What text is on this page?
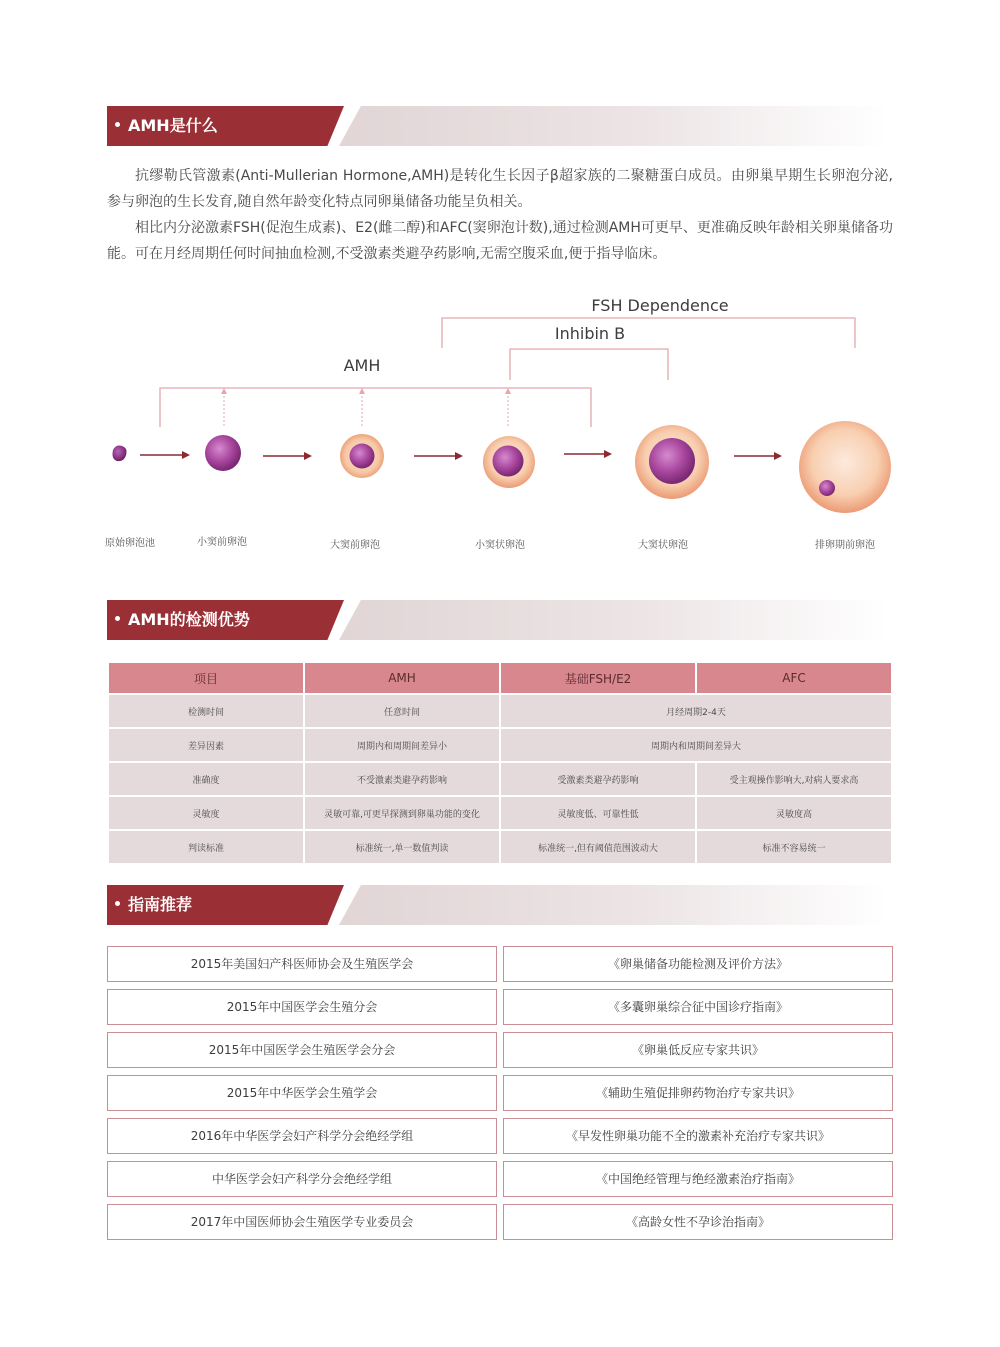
AMH是什么

抗缪勒氏管激素(Anti-Mullerian Hormone,AMH)是转化生长因子β超家族的二聚糖蛋白成员。由卵巢早期生长卵泡分泌,参与卵泡的生长发育,随自然年龄变化特点同卵巢储备功能呈负相关。

相比内分泌激素FSH(促泡生成素)、E2(雌二醇)和AFC(窦卵泡计数),通过检测AMH可更早、更准确反映年龄相关卵巢储备功能。可在月经周期任何时间抽血检测,不受激素类避孕药影响,无需空腹采血,便于指导临床。

FSH Dependence
Inhibin B
AMH
原始卵泡池	小窦前卵泡	大窦前卵泡	小窦状卵泡	大窦状卵泡	排卵期前卵泡
AMH的检测优势
项目	AMH	基础FSH/E2	AFC
检测时间	任意时间	月经周期2-4天	
差异因素	周期内和周期间差异小	周期内和周期间差异大	
准确度	不受激素类避孕药影响	受激素类避孕药影响	受主观操作影响大,对病人要求高
灵敏度	灵敏可靠,可更早探测到卵巢功能的变化	灵敏度低、可靠性低	灵敏度高
判读标准	标准统一,单一数值判读	标准统一,但有阈值范围波动大	标准不容易统一
指南推荐
2015年美国妇产科医师协会及生殖医学会	《卵巢储备功能检测及评价方法》
2015年中国医学会生殖分会	《多囊卵巢综合征中国诊疗指南》
2015年中国医学会生殖医学会分会	《卵巢低反应专家共识》
2015年中华医学会生殖学会	《辅助生殖促排卵药物治疗专家共识》
2016年中华医学会妇产科学分会绝经学组	《早发性卵巢功能不全的激素补充治疗专家共识》
中华医学会妇产科学分会绝经学组	《中国绝经管理与绝经激素治疗指南》
2017年中国医师协会生殖医学专业委员会	《高龄女性不孕诊治指南》
